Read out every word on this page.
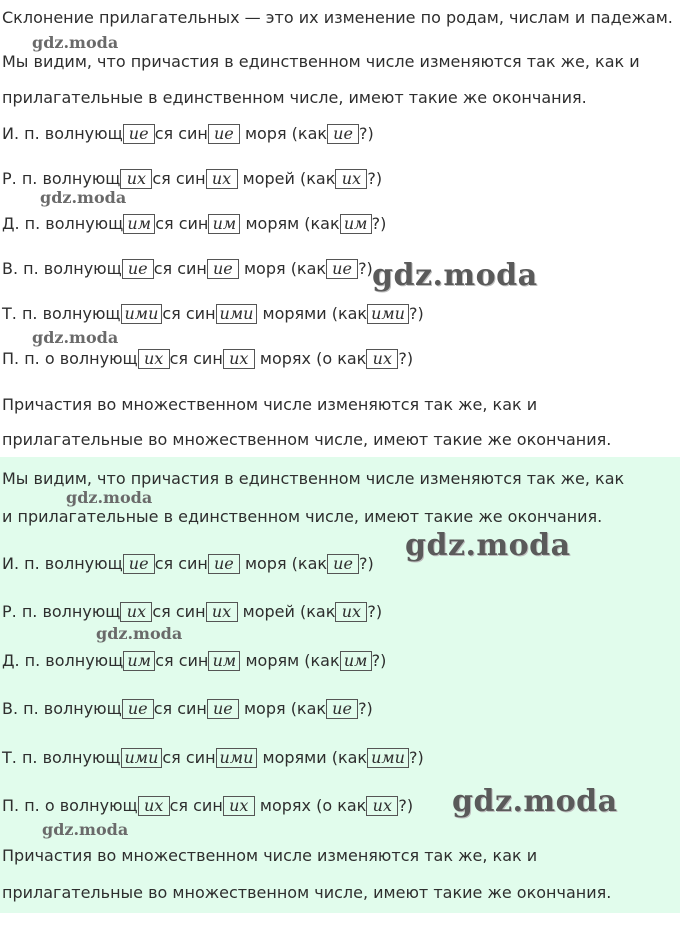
Склонение прилагательных — это их изменение по родам, числам и падежам.
Мы видим, что причастия в единственном числе изменяются так же, как и
прилагательные в единственном числе, имеют такие же окончания.
И. п. волнующ ие ся син ие моря (как ие ?)
Р. п. волнующ их ся син их морей (как их ?)
Д. п. волнующ им ся син им морям (как им ?)
В. п. волнующ ие ся син ие моря (как ие ?)
Т. п. волнующ ими ся син ими морями (как ими ?)
П. п. о волнующ их ся син их морях (о как их ?)
Причастия во множественном числе изменяются так же, как и
прилагательные во множественном числе, имеют такие же окончания.
Мы видим, что причастия в единственном числе изменяются так же, как
и прилагательные в единственном числе, имеют такие же окончания.
И. п. волнующ ие ся син ие моря (как ие ?)
Р. п. волнующ их ся син их морей (как их ?)
Д. п. волнующ им ся син им морям (как им ?)
В. п. волнующ ие ся син ие моря (как ие ?)
Т. п. волнующ ими ся син ими морями (как ими ?)
П. п. о волнующ их ся син их морях (о как их ?)
Причастия во множественном числе изменяются так же, как и
прилагательные во множественном числе, имеют такие же окончания.
gdz.moda
gdz.moda
gdz.moda
gdz.moda
gdz.moda
gdz.moda
gdz.moda
gdz.moda
gdz.moda
